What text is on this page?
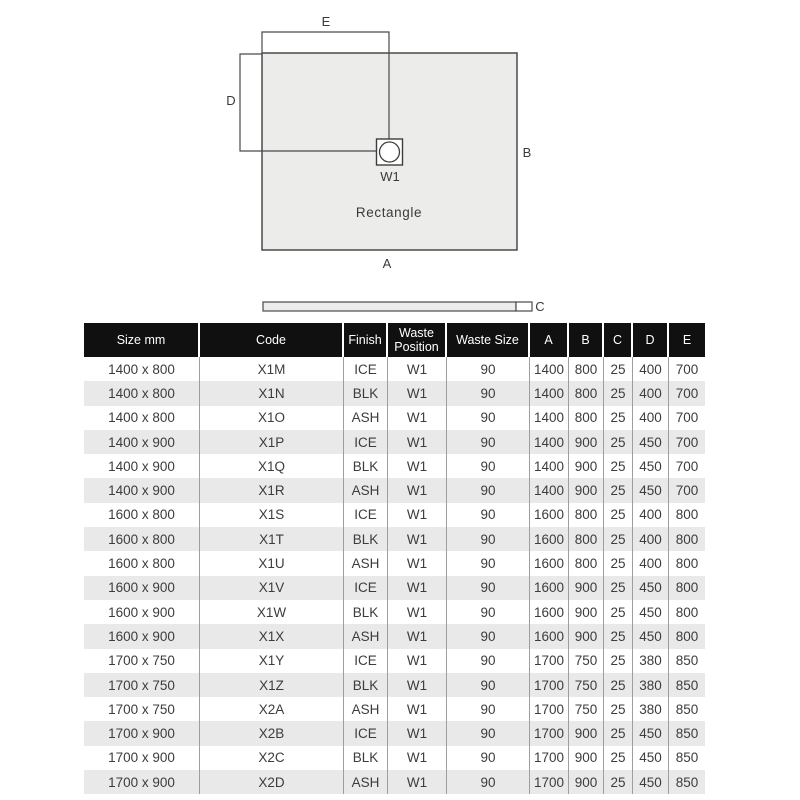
E
D
B
W1
Rectangle
A
C
Size mm	Code	Finish	Waste Position	Waste Size	A	B	C	D	E
1400 x 800	X1M	ICE	W1	90	1400	800	25	400	700
1400 x 800	X1N	BLK	W1	90	1400	800	25	400	700
1400 x 800	X1O	ASH	W1	90	1400	800	25	400	700
1400 x 900	X1P	ICE	W1	90	1400	900	25	450	700
1400 x 900	X1Q	BLK	W1	90	1400	900	25	450	700
1400 x 900	X1R	ASH	W1	90	1400	900	25	450	700
1600 x 800	X1S	ICE	W1	90	1600	800	25	400	800
1600 x 800	X1T	BLK	W1	90	1600	800	25	400	800
1600 x 800	X1U	ASH	W1	90	1600	800	25	400	800
1600 x 900	X1V	ICE	W1	90	1600	900	25	450	800
1600 x 900	X1W	BLK	W1	90	1600	900	25	450	800
1600 x 900	X1X	ASH	W1	90	1600	900	25	450	800
1700 x 750	X1Y	ICE	W1	90	1700	750	25	380	850
1700 x 750	X1Z	BLK	W1	90	1700	750	25	380	850
1700 x 750	X2A	ASH	W1	90	1700	750	25	380	850
1700 x 900	X2B	ICE	W1	90	1700	900	25	450	850
1700 x 900	X2C	BLK	W1	90	1700	900	25	450	850
1700 x 900	X2D	ASH	W1	90	1700	900	25	450	850
